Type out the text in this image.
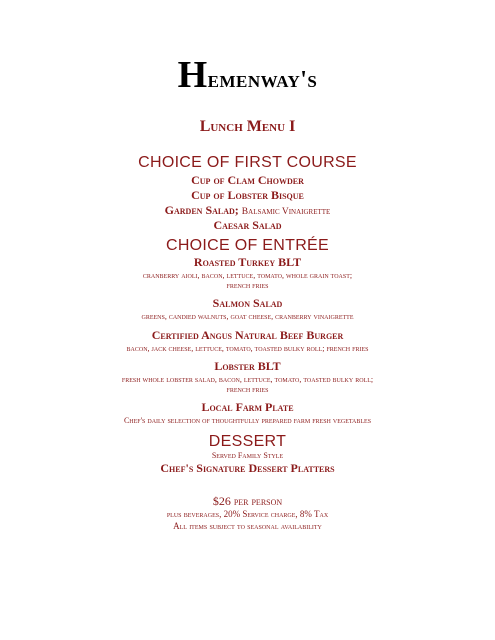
Hemenway's
Lunch Menu I
CHOICE OF FIRST COURSE
Cup of Clam Chowder
Cup of Lobster Bisque
Garden Salad; Balsamic Vinaigrette
Caesar Salad
CHOICE OF ENTRÉE
Roasted Turkey BLT
cranberry aioli, bacon, lettuce, tomato, whole grain toast;
french fries
Salmon Salad
greens, candied walnuts, goat cheese, cranberry vinaigrette
Certified Angus Natural Beef Burger
bacon, jack cheese, lettuce, tomato, toasted bulky roll; french fries
Lobster BLT
fresh whole lobster salad, bacon, lettuce, tomato, toasted bulky roll;
french fries
Local Farm Plate
Chef's daily selection of thoughtfully prepared farm fresh vegetables
DESSERT
Served Family Style
Chef's Signature Dessert Platters
$26 per person
plus beverages, 20% Service charge, 8% Tax
All items subject to seasonal availability
